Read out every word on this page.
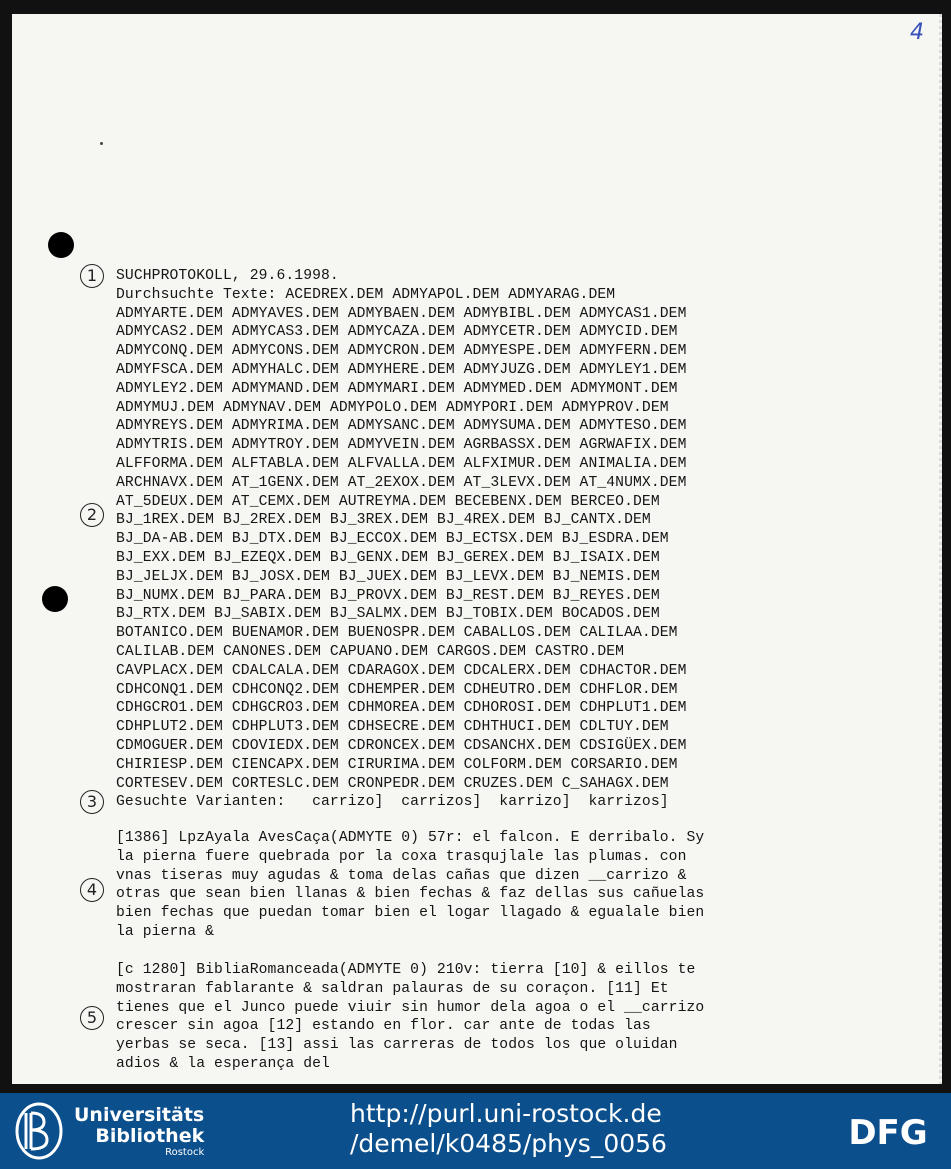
4
SUCHPROTOKOLL, 29.6.1998.
Durchsuchte Texte: ACEDREX.DEM ADMYAPOL.DEM ADMYARAG.DEM
ADMYARTE.DEM ADMYAVES.DEM ADMYBAEN.DEM ADMYBIBL.DEM ADMYCAS1.DEM
ADMYCAS2.DEM ADMYCAS3.DEM ADMYCAZA.DEM ADMYCETR.DEM ADMYCID.DEM
ADMYCONQ.DEM ADMYCONS.DEM ADMYCRON.DEM ADMYESPE.DEM ADMYFERN.DEM
ADMYFSCA.DEM ADMYHALC.DEM ADMYHERE.DEM ADMYJUZG.DEM ADMYLEY1.DEM
ADMYLEY2.DEM ADMYMAND.DEM ADMYMARI.DEM ADMYMED.DEM ADMYMONT.DEM
ADMYMUJ.DEM ADMYNAV.DEM ADMYPOLO.DEM ADMYPORI.DEM ADMYPROV.DEM
ADMYREYS.DEM ADMYRIMA.DEM ADMYSANC.DEM ADMYSUMA.DEM ADMYTESO.DEM
ADMYTRIS.DEM ADMYTROY.DEM ADMYVEIN.DEM AGRBASSX.DEM AGRWAFIX.DEM
ALFFORMA.DEM ALFTABLA.DEM ALFVALLA.DEM ALFXIMUR.DEM ANIMALIA.DEM
ARCHNAVX.DEM AT_1GENX.DEM AT_2EXOX.DEM AT_3LEVX.DEM AT_4NUMX.DEM
AT_5DEUX.DEM AT_CEMX.DEM AUTREYMA.DEM BECEBENX.DEM BERCEO.DEM
BJ_1REX.DEM BJ_2REX.DEM BJ_3REX.DEM BJ_4REX.DEM BJ_CANTX.DEM
BJ_DA-AB.DEM BJ_DTX.DEM BJ_ECCOX.DEM BJ_ECTSX.DEM BJ_ESDRA.DEM
BJ_EXX.DEM BJ_EZEQX.DEM BJ_GENX.DEM BJ_GEREX.DEM BJ_ISAIX.DEM
BJ_JELJX.DEM BJ_JOSX.DEM BJ_JUEX.DEM BJ_LEVX.DEM BJ_NEMIS.DEM
BJ_NUMX.DEM BJ_PARA.DEM BJ_PROVX.DEM BJ_REST.DEM BJ_REYES.DEM
BJ_RTX.DEM BJ_SABIX.DEM BJ_SALMX.DEM BJ_TOBIX.DEM BOCADOS.DEM
BOTANICO.DEM BUENAMOR.DEM BUENOSPR.DEM CABALLOS.DEM CALILAA.DEM
CALILAB.DEM CANONES.DEM CAPUANO.DEM CARGOS.DEM CASTRO.DEM
CAVPLACX.DEM CDALCALA.DEM CDARAGOX.DEM CDCALERX.DEM CDHACTOR.DEM
CDHCONQ1.DEM CDHCONQ2.DEM CDHEMPER.DEM CDHEUTRO.DEM CDHFLOR.DEM
CDHGCRO1.DEM CDHGCRO3.DEM CDHMOREA.DEM CDHOROSI.DEM CDHPLUT1.DEM
CDHPLUT2.DEM CDHPLUT3.DEM CDHSECRE.DEM CDHTHUCI.DEM CDLTUY.DEM
CDMOGUER.DEM CDOVIEDX.DEM CDRONCEX.DEM CDSANCHX.DEM CDSIGÜEX.DEM
CHIRIESP.DEM CIENCAPX.DEM CIRURIMA.DEM COLFORM.DEM CORSARIO.DEM
CORTESEV.DEM CORTESLC.DEM CRONPEDR.DEM CRUZES.DEM C_SAHAGX.DEM
Gesuchte Varianten:   carrizo]  carrizos]  karrizo]  karrizos]
[1386] LpzAyala AvesCaça(ADMYTE 0) 57r: el falcon. E derribalo. Sy
la pierna fuere quebrada por la coxa trasqujlale las plumas. con
vnas tiseras muy agudas & toma delas cañas que dizen __carrizo &
otras que sean bien llanas & bien fechas & faz dellas sus cañuelas
bien fechas que puedan tomar bien el logar llagado & egualale bien
la pierna &
[c 1280] BibliaRomanceada(ADMYTE 0) 210v: tierra [10] & eillos te
mostraran fablarante & saldran palauras de su coraçon. [11] Et
tienes que el Junco puede viuir sin humor dela agoa o el __carrizo
crescer sin agoa [12] estando en flor. car ante de todas las
yerbas se seca. [13] assi las carreras de todos los que oluidan
adios & la esperança del
1
2
3
4
5
Universitäts
Bibliothek
Rostock
http://purl.uni-rostock.de
/demel/k0485/phys_0056	DFG
